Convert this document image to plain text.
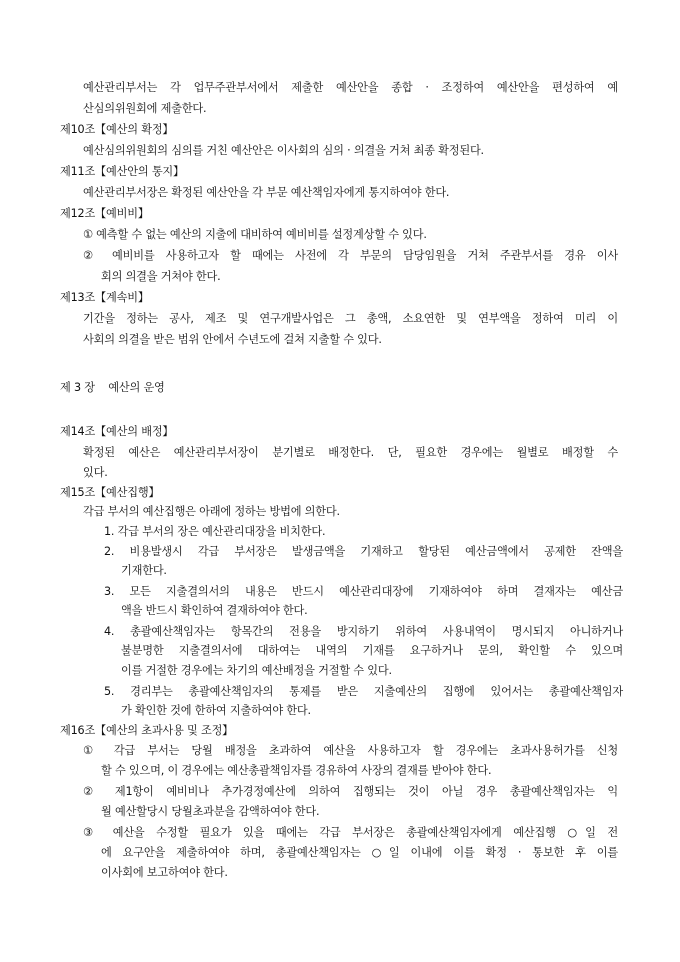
예산관리부서는 각 업무주관부서에서 제출한 예산안을 종합 · 조정하여 예산안을 편성하여 예
산심의위원회에 제출한다.
제10조【예산의 확정】
예산심의위원회의 심의를 거친 예산안은 이사회의 심의 · 의결을 거쳐 최종 확정된다.
제11조【예산안의 통지】
예산관리부서장은 확정된 예산안을 각 부문 예산책임자에게 통지하여야 한다.
제12조【예비비】
① 예측할 수 없는 예산의 지출에 대비하여 예비비를 설정계상할 수 있다.
② 예비비를 사용하고자 할 때에는 사전에 각 부문의 담당임원을 거쳐 주관부서를 경유 이사
회의 의결을 거쳐야 한다.
제13조【계속비】
기간을 정하는 공사, 제조 및 연구개발사업은 그 총액, 소요연한 및 연부액을 정하여 미리 이
사회의 의결을 받은 범위 안에서 수년도에 걸쳐 지출할 수 있다.
제 3 장    예산의 운영
제14조【예산의 배정】
확정된 예산은 예산관리부서장이 분기별로 배정한다. 단, 필요한 경우에는 월별로 배정할 수
있다.
제15조【예산집행】
각급 부서의 예산집행은 아래에 정하는 방법에 의한다.
1. 각급 부서의 장은 예산관리대장을 비치한다.
2. 비용발생시 각급 부서장은 발생금액을 기재하고 할당된 예산금액에서 공제한 잔액을
기재한다.
3. 모든 지출결의서의 내용은 반드시 예산관리대장에 기재하여야 하며 결재자는 예산금
액을 반드시 확인하여 결재하여야 한다.
4. 총괄예산책임자는 항목간의 전용을 방지하기 위하여 사용내역이 명시되지 아니하거나
불분명한 지출결의서에 대하여는 내역의 기재를 요구하거나 문의, 확인할 수 있으며
이를 거절한 경우에는 차기의 예산배정을 거절할 수 있다.
5. 경리부는 총괄예산책임자의 통제를 받은 지출예산의 집행에 있어서는 총괄예산책임자
가 확인한 것에 한하여 지출하여야 한다.
제16조【예산의 초과사용 및 조정】
① 각급 부서는 당월 배정을 초과하여 예산을 사용하고자 할 경우에는 초과사용허가를 신청
할 수 있으며, 이 경우에는 예산총괄책임자를 경유하여 사장의 결재를 받아야 한다.
② 제1항이 예비비나 추가경정예산에 의하여 집행되는 것이 아닐 경우 총괄예산책임자는 익
월 예산할당시 당월초과분을 감액하여야 한다.
③ 예산을 수정할 필요가 있을 때에는 각급 부서장은 총괄예산책임자에게 예산집행 ○일 전
에 요구안을 제출하여야 하며, 총괄예산책임자는 ○일 이내에 이를 확정 · 통보한 후 이를
이사회에 보고하여야 한다.
